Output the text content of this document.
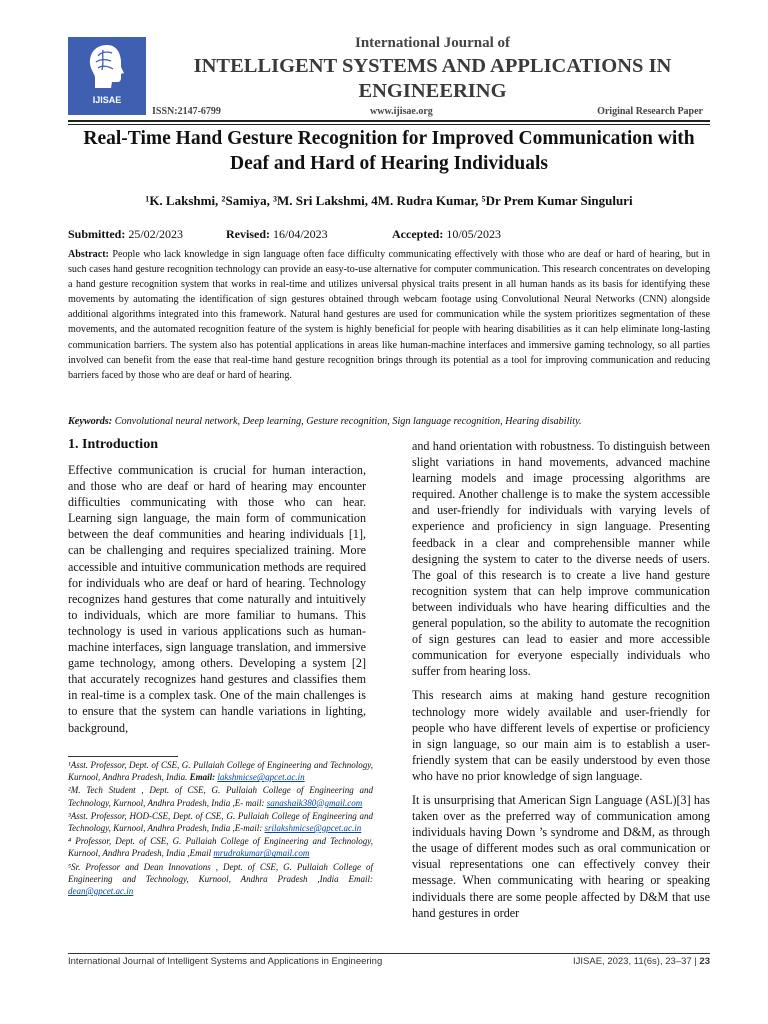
IJISAE
International Journal of
INTELLIGENT SYSTEMS AND APPLICATIONS IN ENGINEERING
ISSN:2147-6799	www.ijisae.org	Original Research Paper
Real-Time Hand Gesture Recognition for Improved Communication with Deaf and Hard of Hearing Individuals
¹K. Lakshmi, ²Samiya, ³M. Sri Lakshmi, 4M. Rudra Kumar, ⁵Dr Prem Kumar Singuluri
Submitted: 25/02/2023	Revised: 16/04/2023	Accepted: 10/05/2023
Abstract: People who lack knowledge in sign language often face difficulty communicating effectively with those who are deaf or hard of hearing, but in such cases hand gesture recognition technology can provide an easy-to-use alternative for computer communication. This research concentrates on developing a hand gesture recognition system that works in real-time and utilizes universal physical traits present in all human hands as its basis for identifying these movements by automating the identification of sign gestures obtained through webcam footage using Convolutional Neural Networks (CNN) alongside additional algorithms integrated into this framework. Natural hand gestures are used for communication while the system prioritizes segmentation of these movements, and the automated recognition feature of the system is highly beneficial for people with hearing disabilities as it can help eliminate long-lasting communication barriers. The system also has potential applications in areas like human-machine interfaces and immersive gaming technology, so all parties involved can benefit from the ease that real-time hand gesture recognition brings through its potential as a tool for improving communication and reducing barriers faced by those who are deaf or hard of hearing.
Keywords: Convolutional neural network, Deep learning, Gesture recognition, Sign language recognition, Hearing disability.
1. Introduction

Effective communication is crucial for human interaction, and those who are deaf or hard of hearing may encounter difficulties communicating with those who can hear. Learning sign language, the main form of communication between the deaf communities and hearing individuals [1], can be challenging and requires specialized training. More accessible and intuitive communication methods are required for individuals who are deaf or hard of hearing. Technology recognizes hand gestures that come naturally and intuitively to individuals, which are more familiar to humans. This technology is used in various applications such as human-machine interfaces, sign language translation, and immersive game technology, among others. Developing a system [2] that accurately recognizes hand gestures and classifies them in real-time is a complex task. One of the main challenges is to ensure that the system can handle variations in lighting, background,

and hand orientation with robustness. To distinguish between slight variations in hand movements, advanced machine learning models and image processing algorithms are required. Another challenge is to make the system accessible and user-friendly for individuals with varying levels of experience and proficiency in sign language. Presenting feedback in a clear and comprehensible manner while designing the system to cater to the diverse needs of users. The goal of this research is to create a live hand gesture recognition system that can help improve communication between individuals who have hearing difficulties and the general population, so the ability to automate the recognition of sign gestures can lead to easier and more accessible communication for everyone especially individuals who suffer from hearing loss.

This research aims at making hand gesture recognition technology more widely available and user-friendly for people who have different levels of expertise or proficiency in sign language, so our main aim is to establish a user-friendly system that can be easily understood by even those who have no prior knowledge of sign language.

It is unsurprising that American Sign Language (ASL)[3] has taken over as the preferred way of communication among individuals having Down ’s syndrome and D&M, as through the usage of different modes such as oral communication or visual representations one can effectively convey their message. When communicating with hearing or speaking individuals there are some people affected by D&M that use hand gestures in order

¹Asst. Professor, Dept. of CSE, G. Pullaiah College of Engineering and Technology, Kurnool, Andhra Pradesh, India. Email: lakshmicse@gpcet.ac.in

²M. Tech Student , Dept. of CSE, G. Pullaiah College of Engineering and Technology, Kurnool, Andhra Pradesh, India ,E- mail: sanashaik380@gmail.com

³Asst. Professor, HOD-CSE, Dept. of CSE, G. Pullaiah College of Engineering and Technology, Kurnool, Andhra Pradesh, India ,E-mail: srilakshmicse@gpcet.ac.in

⁴ Professor, Dept. of CSE, G. Pullaiah College of Engineering and Technology, Kurnool, Andhra Pradesh, India ,Email mrudrakumar@gmail.com

⁵Sr. Professor and Dean Innovations , Dept. of CSE, G. Pullaiah College of Engineering and Technology, Kurnool, Andhra Pradesh ,India Email: dean@gpcet.ac.in

International Journal of Intelligent Systems and Applications in Engineering	IJISAE, 2023, 11(6s), 23–37 | 23
